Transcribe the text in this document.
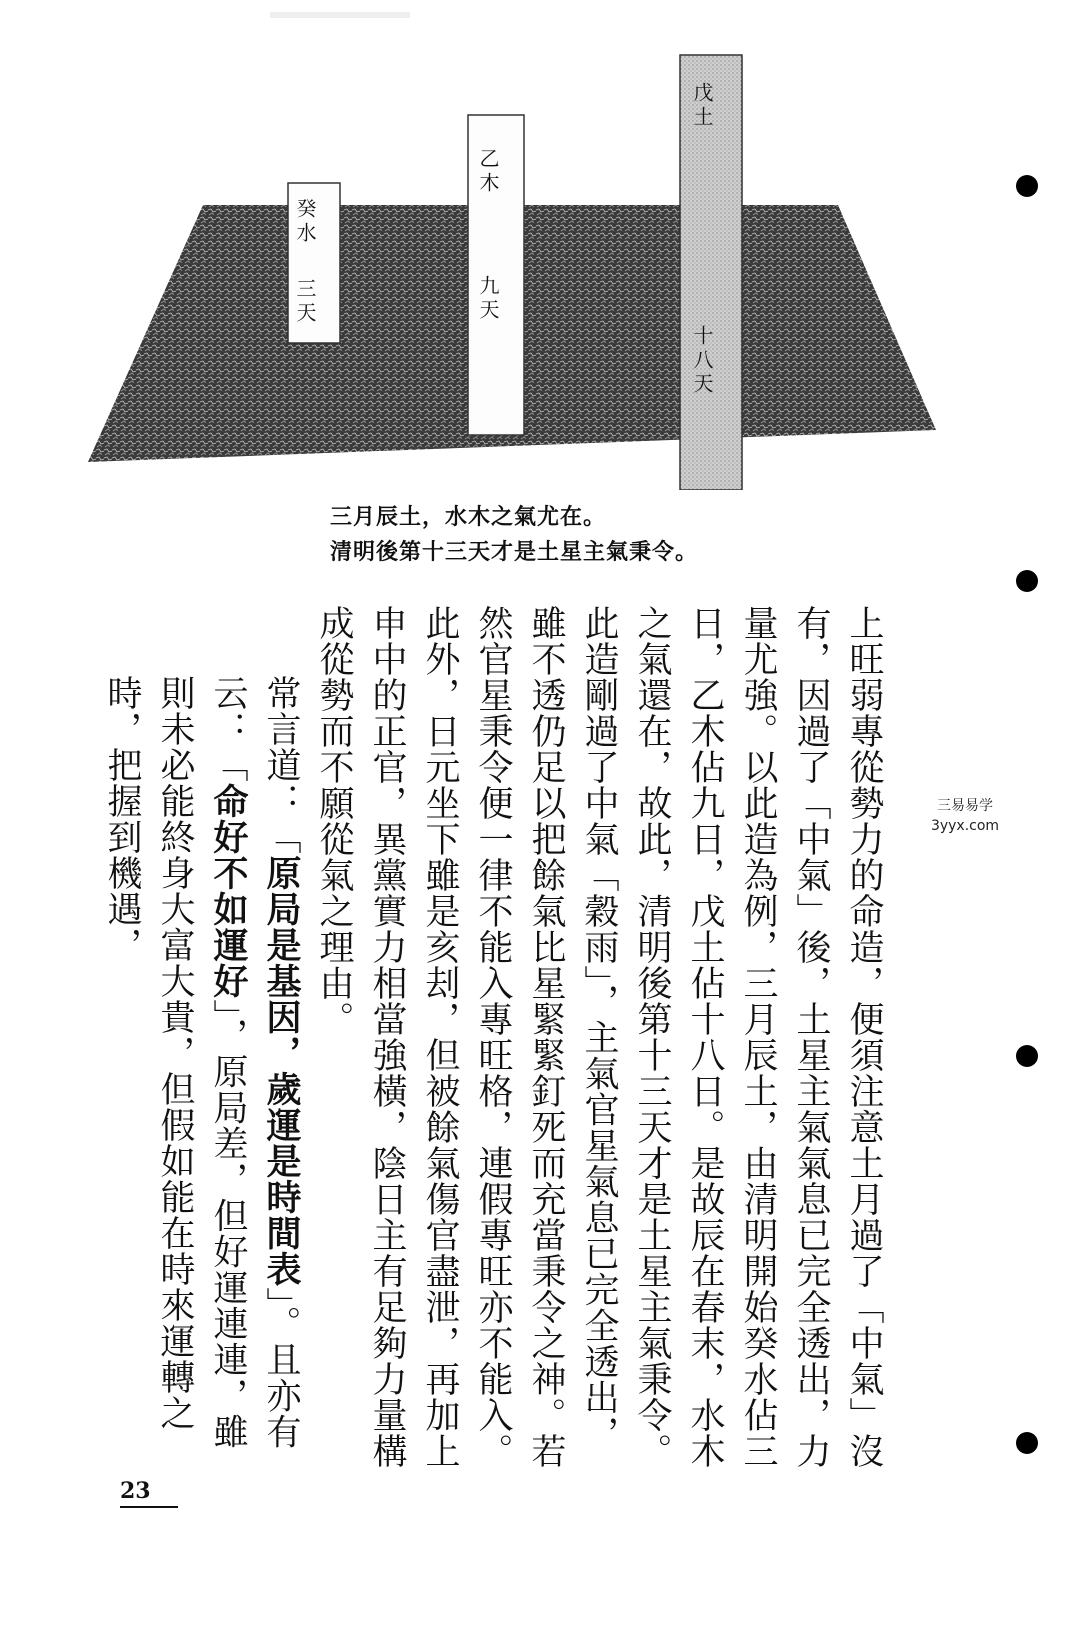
癸水
三天
乙木
九天
戊土
十八天
三月辰土，水木之氣尤在。
清明後第十三天才是土星主氣秉令。

上旺弱專從勢力的命造，便須注意土月過了「中氣」沒有，因過了「中氣」後，土星主氣氣息已完全透出，力量尤強。以此造為例，三月辰土，由清明開始癸水佔三日，乙木佔九日，戊土佔十八日。是故辰在春末，水木之氣還在，故此，清明後第十三天才是土星主氣秉令。此造剛過了中氣「穀雨」，主氣官星氣息已完全透出，雖不透仍足以把餘氣比星緊緊釘死而充當秉令之神。若然官星秉令便一律不能入專旺格，連假專旺亦不能入。此外，日元坐下雖是亥刦，但被餘氣傷官盡泄，再加上申中的正官，異黨實力相當強橫，陰日主有足夠力量構成從勢而不願從氣之理由。

常言道：「原局是基因，歲運是時間表」。且亦有云：「命好不如運好」，原局差，但好運連連，雖則未必能終身大富大貴，但假如能在時來運轉之時，把握到機遇，	三易易学
3yyx.com
23
